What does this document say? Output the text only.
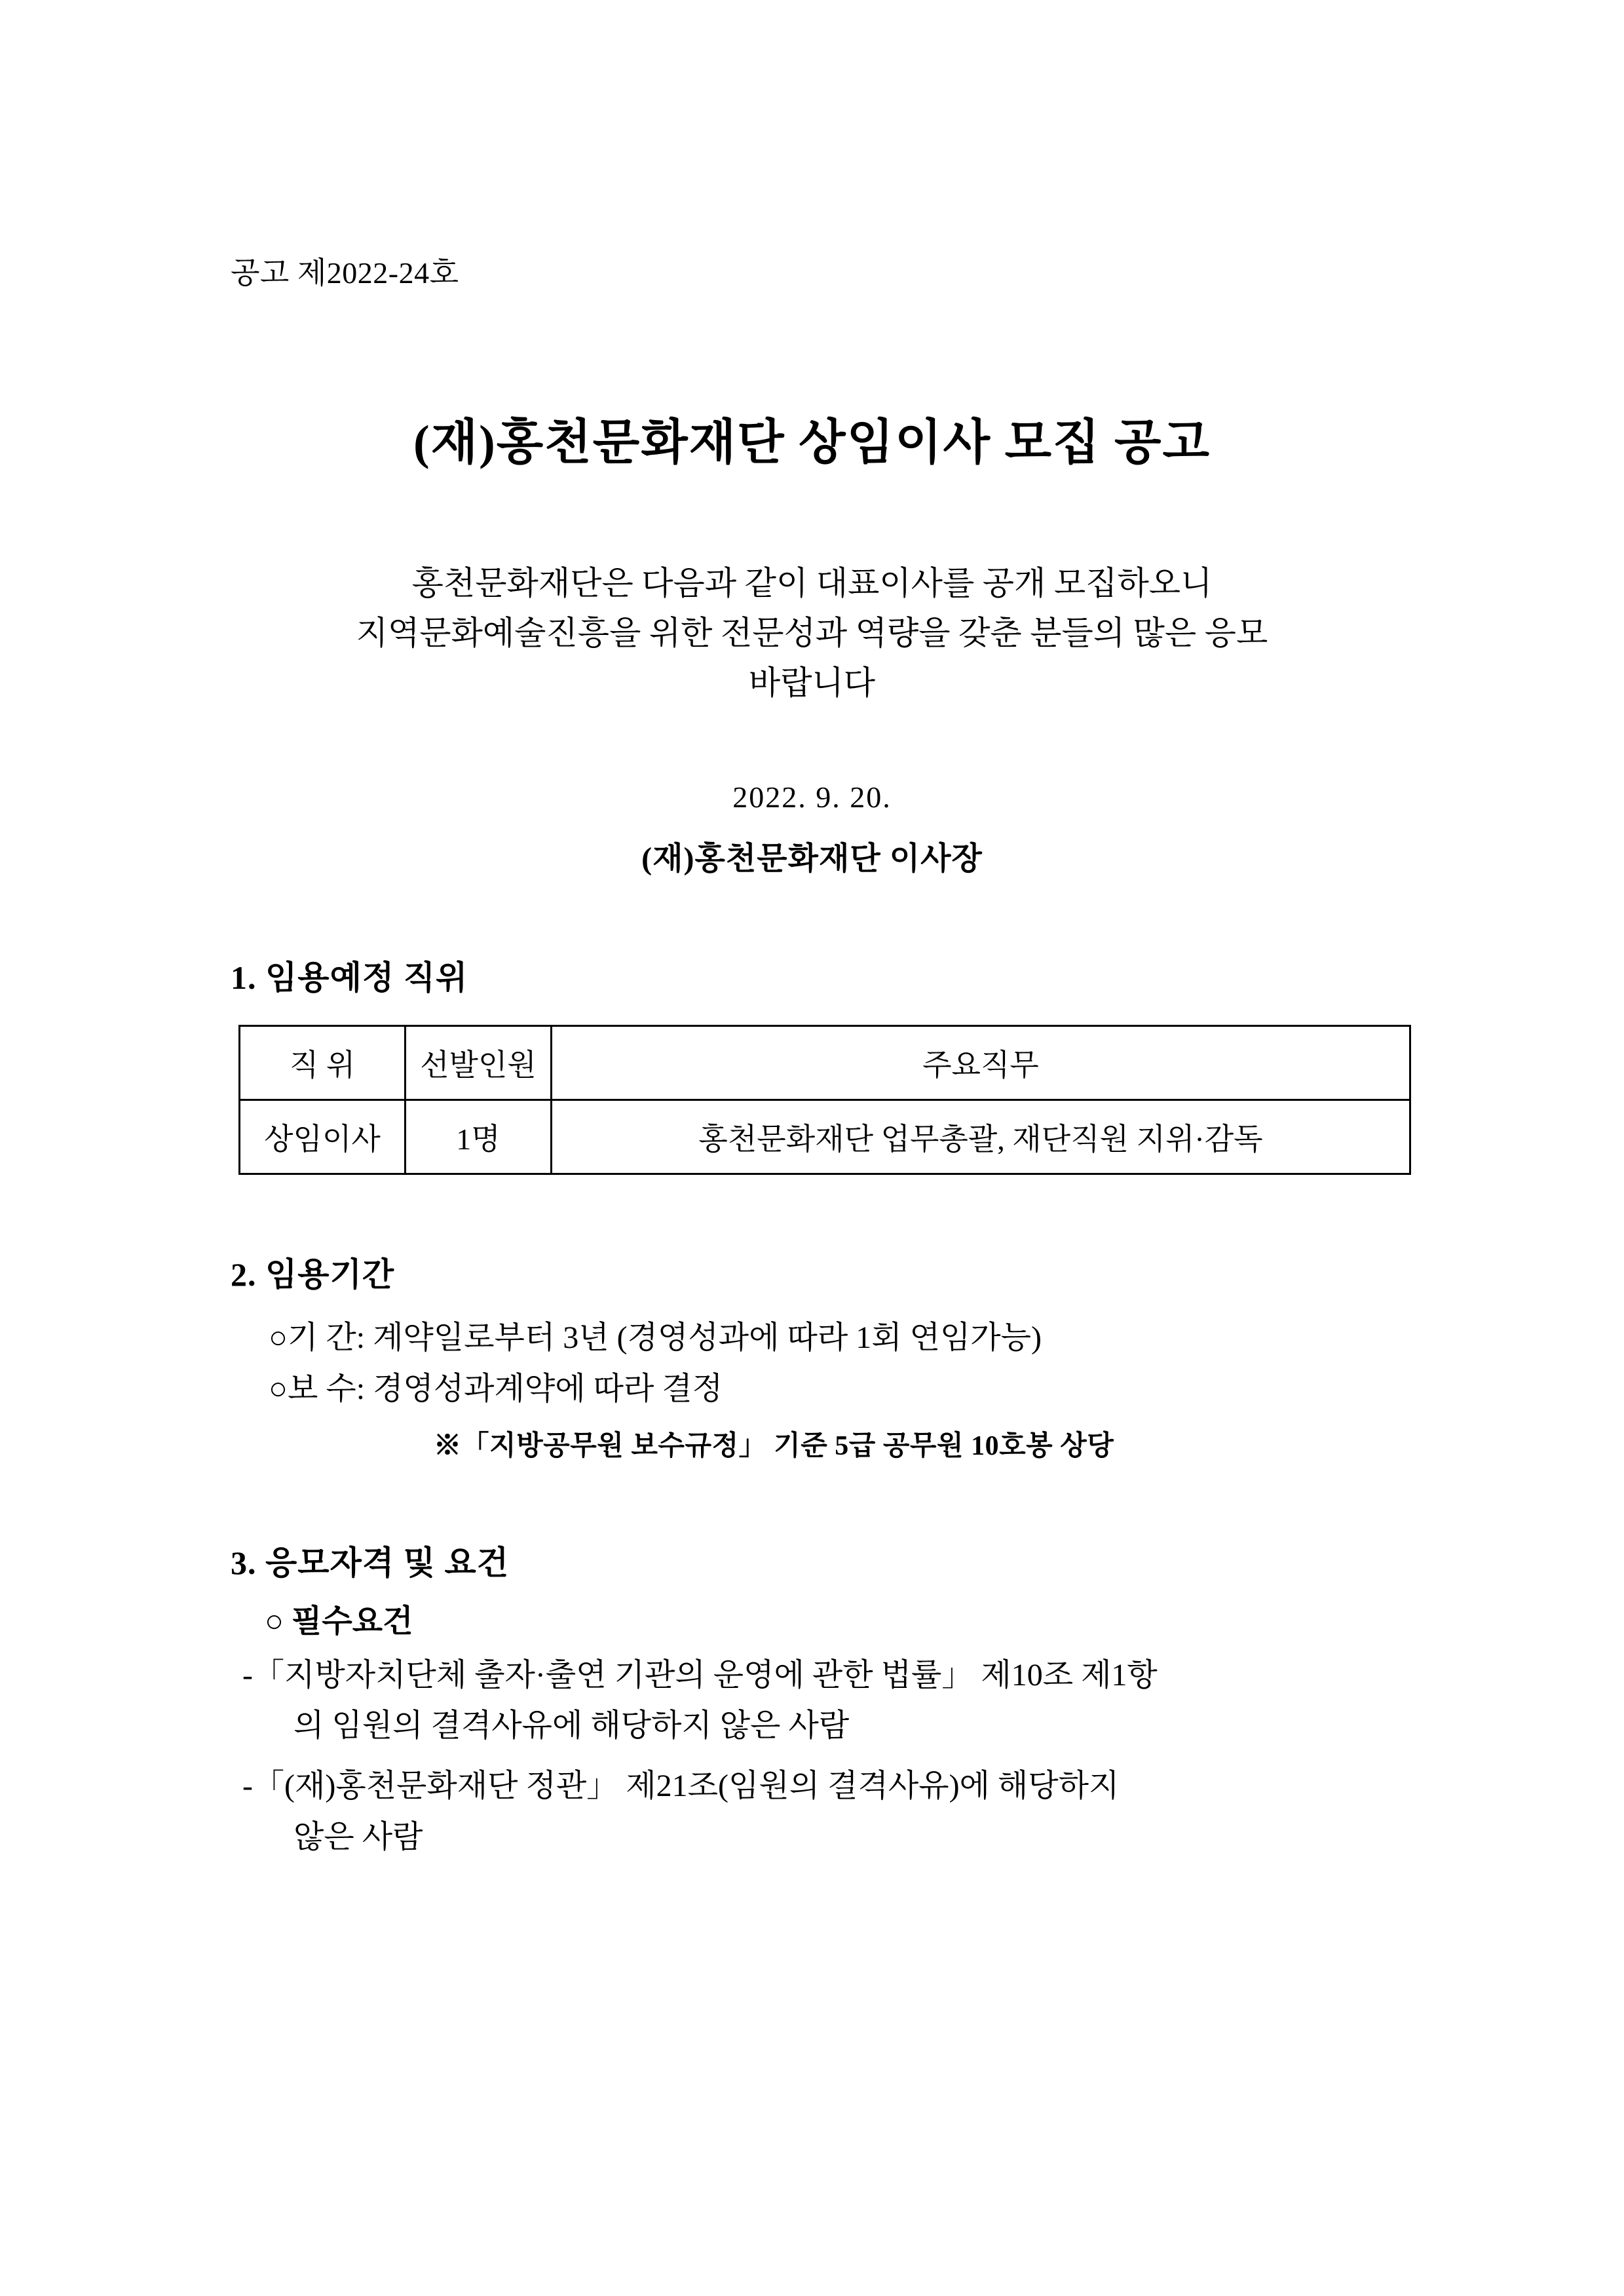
공고 제2022-24호
(재)홍천문화재단 상임이사 모집 공고
홍천문화재단은 다음과 같이 대표이사를 공개 모집하오니
지역문화예술진흥을 위한 전문성과 역량을 갖춘 분들의 많은 응모
바랍니다
2022. 9. 20.
(재)홍천문화재단 이사장
1. 임용예정 직위
직 위	선발인원	주요직무
상임이사	1명	홍천문화재단 업무총괄, 재단직원 지위·감독
2. 임용기간
○기 간: 계약일로부터 3년 (경영성과에 따라 1회 연임가능)
○보 수: 경영성과계약에 따라 결정
※「지방공무원 보수규정」 기준 5급 공무원 10호봉 상당
3. 응모자격 및 요건
○ 필수요건
-「지방자치단체 출자·출연 기관의 운영에 관한 법률」 제10조 제1항
의 임원의 결격사유에 해당하지 않은 사람
-「(재)홍천문화재단 정관」 제21조(임원의 결격사유)에 해당하지
않은 사람
